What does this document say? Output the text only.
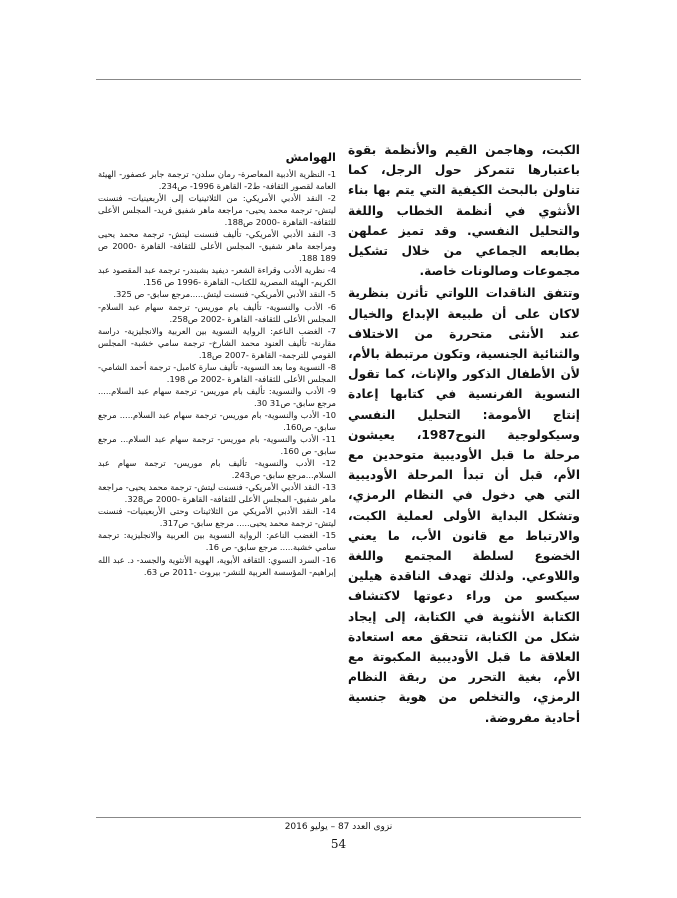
الكبت، وهاجمن القيم والأنظمة بقوة باعتبارها تتمركز حول الرجل، كما تناولن بالبحث الكيفية التي يتم بها بناء الأنثوي في أنظمة الخطاب واللغة والتحليل النفسي. وقد تميز عملهن بطابعه الجماعي من خلال تشكيل مجموعات وصالونات خاصة.

وتتفق الناقدات اللواتي تأثرن بنظرية لاكان على أن طبيعة الإبداع والخيال عند الأنثى متحررة من الاختلاف والثنائية الجنسية، وتكون مرتبطة بالأم، لأن الأطفال الذكور والإناث، كما تقول النسوية الفرنسية في كتابها إعادة إنتاج الأمومة: التحليل النفسي وسيكولوجية النوح1987، يعيشون مرحلة ما قبل الأوديبية متوحدين مع الأم، قبل أن تبدأ المرحلة الأوديبية التي هي دخول في النظام الرمزي، وتشكل البداية الأولى لعملية الكبت، والارتباط مع قانون الأب، ما يعني الخضوع لسلطة المجتمع واللغة واللاوعي. ولذلك تهدف الناقدة هيلين سيكسو من وراء دعوتها لاكتشاف الكتابة الأنثوية في الكتابة، إلى إيجاد شكل من الكتابة، تتحقق معه استعادة العلاقة ما قبل الأوديبية المكبوتة مع الأم، بغية التحرر من ربقة النظام الرمزي، والتخلص من هوية جنسية أحادية مفروضة.

الهوامش
1- النظرية الأدبية المعاصرة- رمان سلدن- ترجمة جابر عصفور- الهيئة العامة لقصور الثقافة- ط2- القاهرة 1996- ص234.
2- النقد الأدبي الأمريكي: من الثلاثينيات إلى الأربعينيات- فنسنت ليتش- ترجمة محمد يحيى- مراجعة ماهر شفيق فريد- المجلس الأعلى للثقافة- القاهرة -2000 ص188.
3- النقد الأدبي الأمريكي- تأليف فنسنت ليتش- ترجمة محمد يحيى ومراجعة ماهر شفيق- المجلس الأعلى للثقافة- القاهرة -2000 ص 189 188.
4- نظرية الأدب وقراءة الشعر- ديفيد بشبندر- ترجمة عبد المقصود عبد الكريم- الهيئة المصرية للكتاب- القاهرة -1996 ص 156.
5- النقد الأدبي الأمريكي- فنسنت ليتش.....مرجع سابق- ص 325.
6- الأدب والنسوية- تأليف بام موريس- ترجمة سهام عبد السلام- المجلس الأعلى للثقافة- القاهرة -2002 ص258.
7- الغضب الناعم: الرواية النسوية بين العربية والانجليزية- دراسة مقارنة- تأليف العنود محمد الشارخ- ترجمة سامي خشبة- المجلس القومي للترجمة- القاهرة -2007 ص18.
8- النسوية وما بعد النسوية- تأليف سارة كامبل- ترجمة أحمد الشامي- المجلس الأعلى للثقافة- القاهرة -2002 ص 198.
9- الأدب والنسوية: تأليف بام موريس- ترجمة سهام عبد السلام..... مرجع سابق- ص31 30.
10- الأدب والنسوية- بام موريس- ترجمة سهام عبد السلام..... مرجع سابق- ص160.
11- الأدب والنسوية- بام موريس- ترجمة سهام عبد السلام... مرجع سابق- ص 160.
12- الأدب والنسوية- تأليف بام موريس- ترجمة سهام عبد السلام...مرجع سابق- ص243.
13- النقد الأدبي الأمريكي- فنسنت ليتش- ترجمة محمد يحيى- مراجعة ماهر شفيق- المجلس الأعلى للثقافة- القاهرة -2000 ص328.
14- النقد الأدبي الأمريكي من الثلاثينات وحتى الأربعينيات- فنسنت ليتش- ترجمة محمد يحيى..... مرجع سابق- ص317.
15- الغضب الناعم: الرواية النسوية بين العربية والانجليزية: ترجمة سامي خشبة..... مرجع سابق- ص 16.
16- السرد النسوي: الثقافة الأبوية، الهوية الأنثوية والجسد- د. عبد الله إبراهيم- المؤسسة العربية للنشر- بيروت -2011 ص 63.
نزوى العدد 87 – يوليو 2016
54
